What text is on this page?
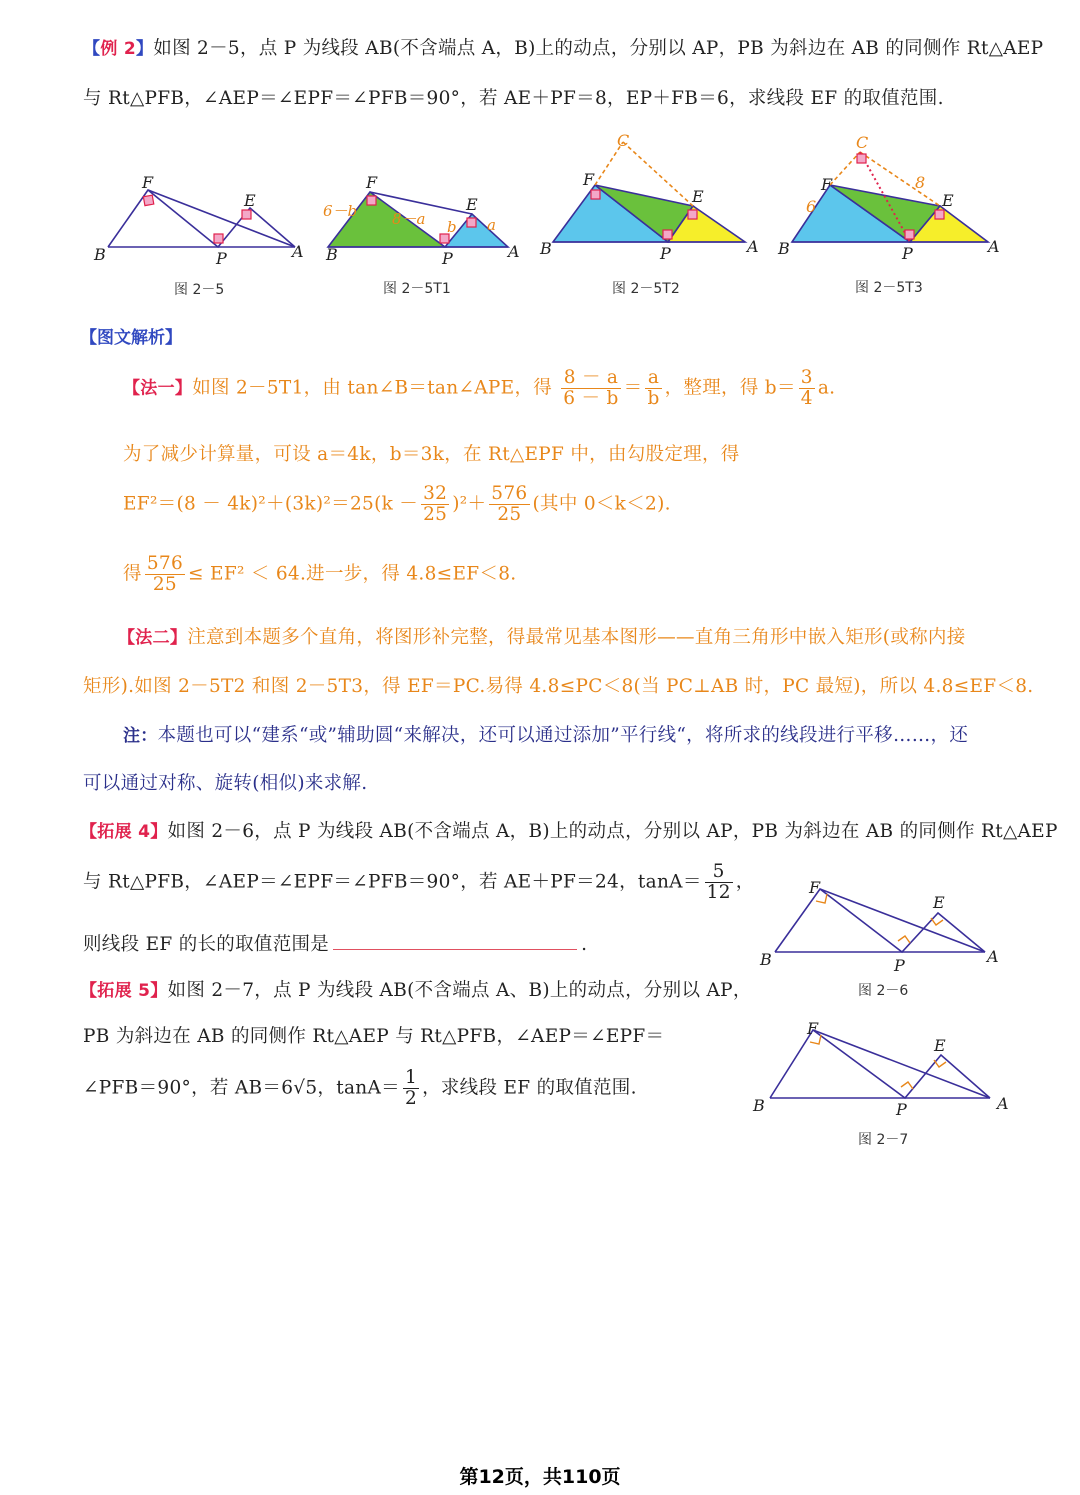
【例 2】如图 2－5，点 P 为线段 AB(不含端点 A，B)上的动点，分别以 AP，PB 为斜边在 AB 的同侧作 Rt△AEP
与 Rt△PFB，∠AEP＝∠EPF＝∠PFB＝90°，若 AE＋PF＝8，EP＋FB＝6，求线段 EF 的取值范围.
F
E
B	P	A
F
E
B	P	A
6－b 8－a b a
C
F
E
B	P	A
C
F
E
B	P	A
6
8
图 2－5	图 2－5T1	图 2－5T2	图 2－5T3
【图文解析】
【法一】如图 2－5T1，由 tan∠B＝tan∠APE，得 $\frac{8 - a}{6 - b} = \frac{a}{b}$ ，整理，得 $b= \frac{3}{4} a$.
为了减少计算量，可设 a＝4k，b＝3k，在 Rt△EPF 中，由勾股定理，得
$EF^2=(8 - 4k)^2+(3k)^2=25(k - \frac{32}{25} )^2+ \frac{576}{25}$ (其中 0＜k＜2).
得 $\frac{576}{25} \le EF^2 < 64$.进一步，得 4.8≤EF＜8.
【法二】注意到本题多个直角，将图形补完整，得最常见基本图形——直角三角形中嵌入矩形(或称内接
矩形).如图 2－5T2 和图 2－5T3，得 EF＝PC.易得 4.8≤PC＜8(当 PC⊥AB 时，PC 最短)，所以 4.8≤EF＜8.
注：本题也可以“建系“或”辅助圆“来解决，还可以通过添加”平行线“，将所求的线段进行平移……，还
可以通过对称、旋转(相似)来求解.
【拓展 4】如图 2－6，点 P 为线段 AB(不含端点 A，B)上的动点，分别以 AP，PB 为斜边在 AB 的同侧作 Rt△AEP
与 Rt△PFB，∠AEP＝∠EPF＝∠PFB＝90°，若 AE＋PF＝24，$\tan A= \frac{5}{12}$ ，
则线段 EF 的长的取值范围是	.
【拓展 5】如图 2－7，点 P 为线段 AB(不含端点 A、B)上的动点，分别以 AP，
PB 为斜边在 AB 的同侧作 Rt△AEP 与 Rt△PFB，∠AEP＝∠EPF＝
∠PFB＝90°，若 AB＝6√5，$\tan A= \frac{1}{2}$ ，求线段 EF 的取值范围.
F
E
B	P	A
图 2－6
F
E
B	P	A
图 2－7
第12页，共110页
